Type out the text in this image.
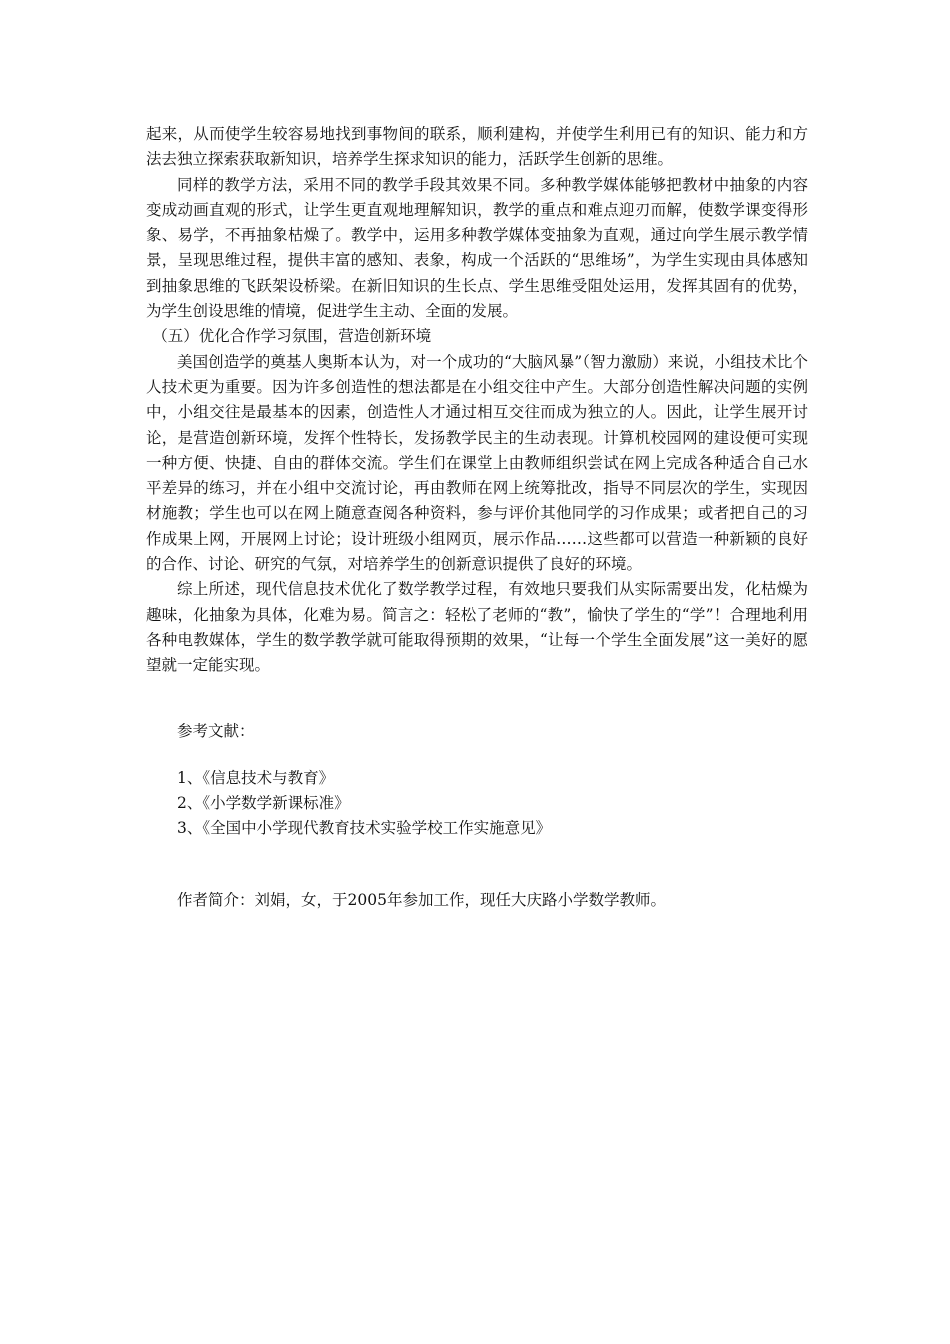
起来，从而使学生较容易地找到事物间的联系，顺利建构，并使学生利用已有的知识、能力和方法去独立探索获取新知识，培养学生探求知识的能力，活跃学生创新的思维。

同样的教学方法，采用不同的教学手段其效果不同。多种教学媒体能够把教材中抽象的内容变成动画直观的形式，让学生更直观地理解知识，教学的重点和难点迎刃而解，使数学课变得形象、易学，不再抽象枯燥了。教学中，运用多种教学媒体变抽象为直观，通过向学生展示教学情景，呈现思维过程，提供丰富的感知、表象，构成一个活跃的“思维场”，为学生实现由具体感知到抽象思维的飞跃架设桥梁。在新旧知识的生长点、学生思维受阻处运用，发挥其固有的优势，为学生创设思维的情境，促进学生主动、全面的发展。

（五）优化合作学习氛围，营造创新环境

美国创造学的奠基人奥斯本认为，对一个成功的“大脑风暴”（智力激励）来说，小组技术比个人技术更为重要。因为许多创造性的想法都是在小组交往中产生。大部分创造性解决问题的实例中，小组交往是最基本的因素，创造性人才通过相互交往而成为独立的人。因此，让学生展开讨论，是营造创新环境，发挥个性特长，发扬教学民主的生动表现。计算机校园网的建设便可实现一种方便、快捷、自由的群体交流。学生们在课堂上由教师组织尝试在网上完成各种适合自己水平差异的练习，并在小组中交流讨论，再由教师在网上统筹批改，指导不同层次的学生，实现因材施教；学生也可以在网上随意查阅各种资料，参与评价其他同学的习作成果；或者把自己的习作成果上网，开展网上讨论；设计班级小组网页，展示作品……这些都可以营造一种新颖的良好的合作、讨论、研究的气氛，对培养学生的创新意识提供了良好的环境。

综上所述，现代信息技术优化了数学教学过程，有效地只要我们从实际需要出发，化枯燥为趣味，化抽象为具体，化难为易。简言之：轻松了老师的“教”，愉快了学生的“学”！合理地利用各种电教媒体，学生的数学教学就可能取得预期的效果，“让每一个学生全面发展”这一美好的愿望就一定能实现。

参考文献：

1、《信息技术与教育》
2、《小学数学新课标准》
3、《全国中小学现代教育技术实验学校工作实施意见》

作者简介：刘娟，女，于2005年参加工作，现任大庆路小学数学教师。
